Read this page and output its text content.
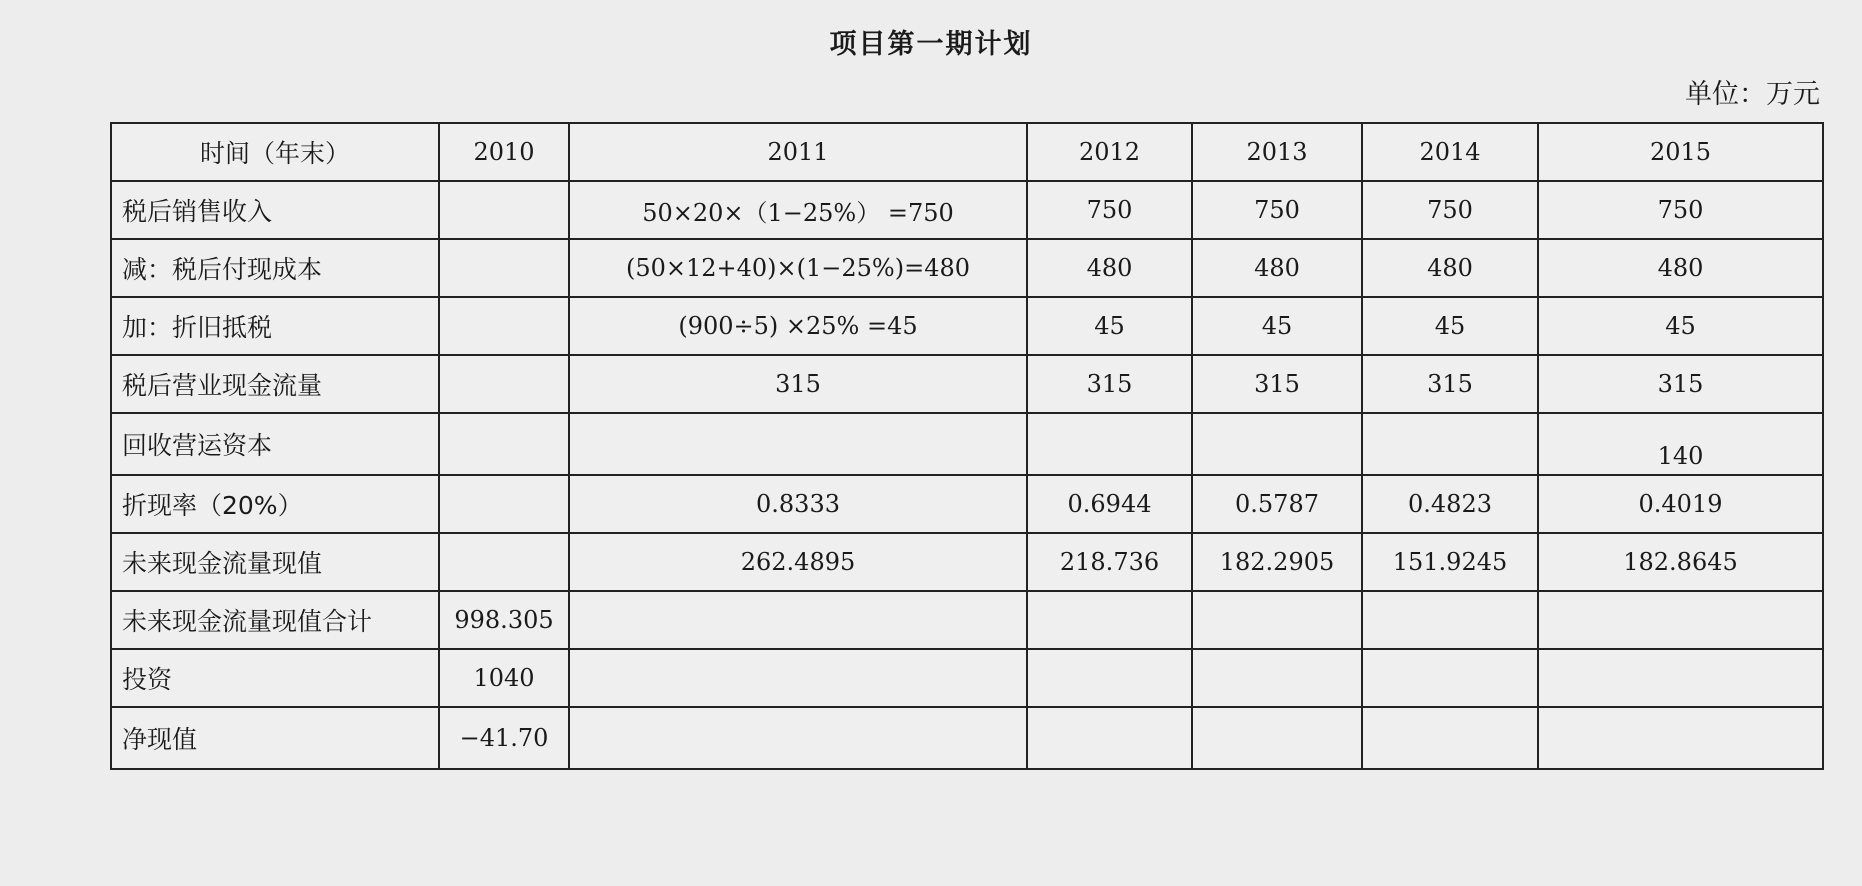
项目第一期计划
单位：万元
时间（年末）	2010	2011	2012	2013	2014	2015
税后销售收入		50×20×（1−25%） =750	750	750	750	750
减：税后付现成本		(50×12+40)×(1−25%)=480	480	480	480	480
加：折旧抵税		(900÷5) ×25% =45	45	45	45	45
税后营业现金流量		315	315	315	315	315
回收营运资本						140
折现率（20%）		0.8333	0.6944	0.5787	0.4823	0.4019
未来现金流量现值		262.4895	218.736	182.2905	151.9245	182.8645
未来现金流量现值合计	998.305					
投资	1040					
净现值	−41.70					
